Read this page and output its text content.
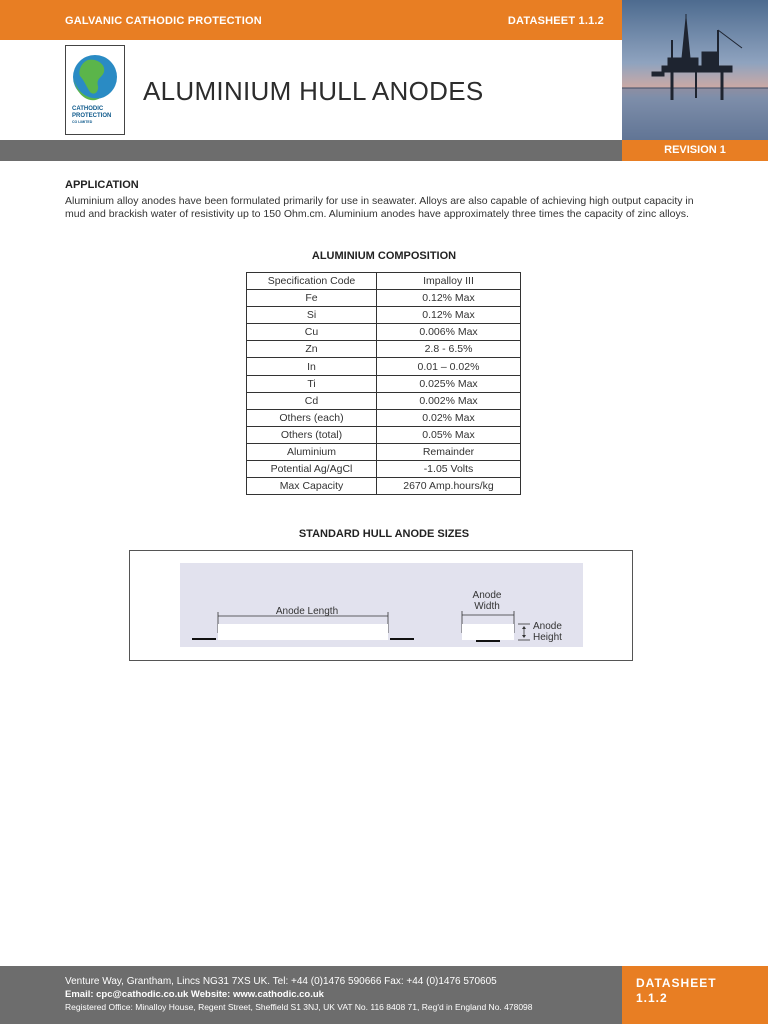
GALVANIC CATHODIC PROTECTION	DATASHEET 1.1.2
CATHODIC
PROTECTION
CO LIMITED
ALUMINIUM HULL ANODES
REVISION 1
APPLICATION

Aluminium alloy anodes have been formulated primarily for use in seawater. Alloys are also capable of achieving high output capacity in mud and brackish water of resistivity up to 150 Ohm.cm. Aluminium anodes have approximately three times the capacity of zinc alloys.

ALUMINIUM COMPOSITION
Specification Code	Impalloy III
Fe	0.12% Max
Si	0.12% Max
Cu	0.006% Max
Zn	2.8 - 6.5%
In	0.01 – 0.02%
Ti	0.025% Max
Cd	0.002% Max
Others (each)	0.02% Max
Others (total)	0.05% Max
Aluminium	Remainder
Potential Ag/AgCl	-1.05 Volts
Max Capacity	2670 Amp.hours/kg
STANDARD HULL ANODE SIZES
Anode Length
Anode
Width
Anode
Height
Venture Way, Grantham, Lincs NG31 7XS UK. Tel: +44 (0)1476 590666 Fax: +44 (0)1476 570605
Email: cpc@cathodic.co.uk Website: www.cathodic.co.uk
Registered Office: Minalloy House, Regent Street, Sheffield S1 3NJ, UK VAT No. 116 8408 71, Reg'd in England No. 478098
DATASHEET
1.1.2
